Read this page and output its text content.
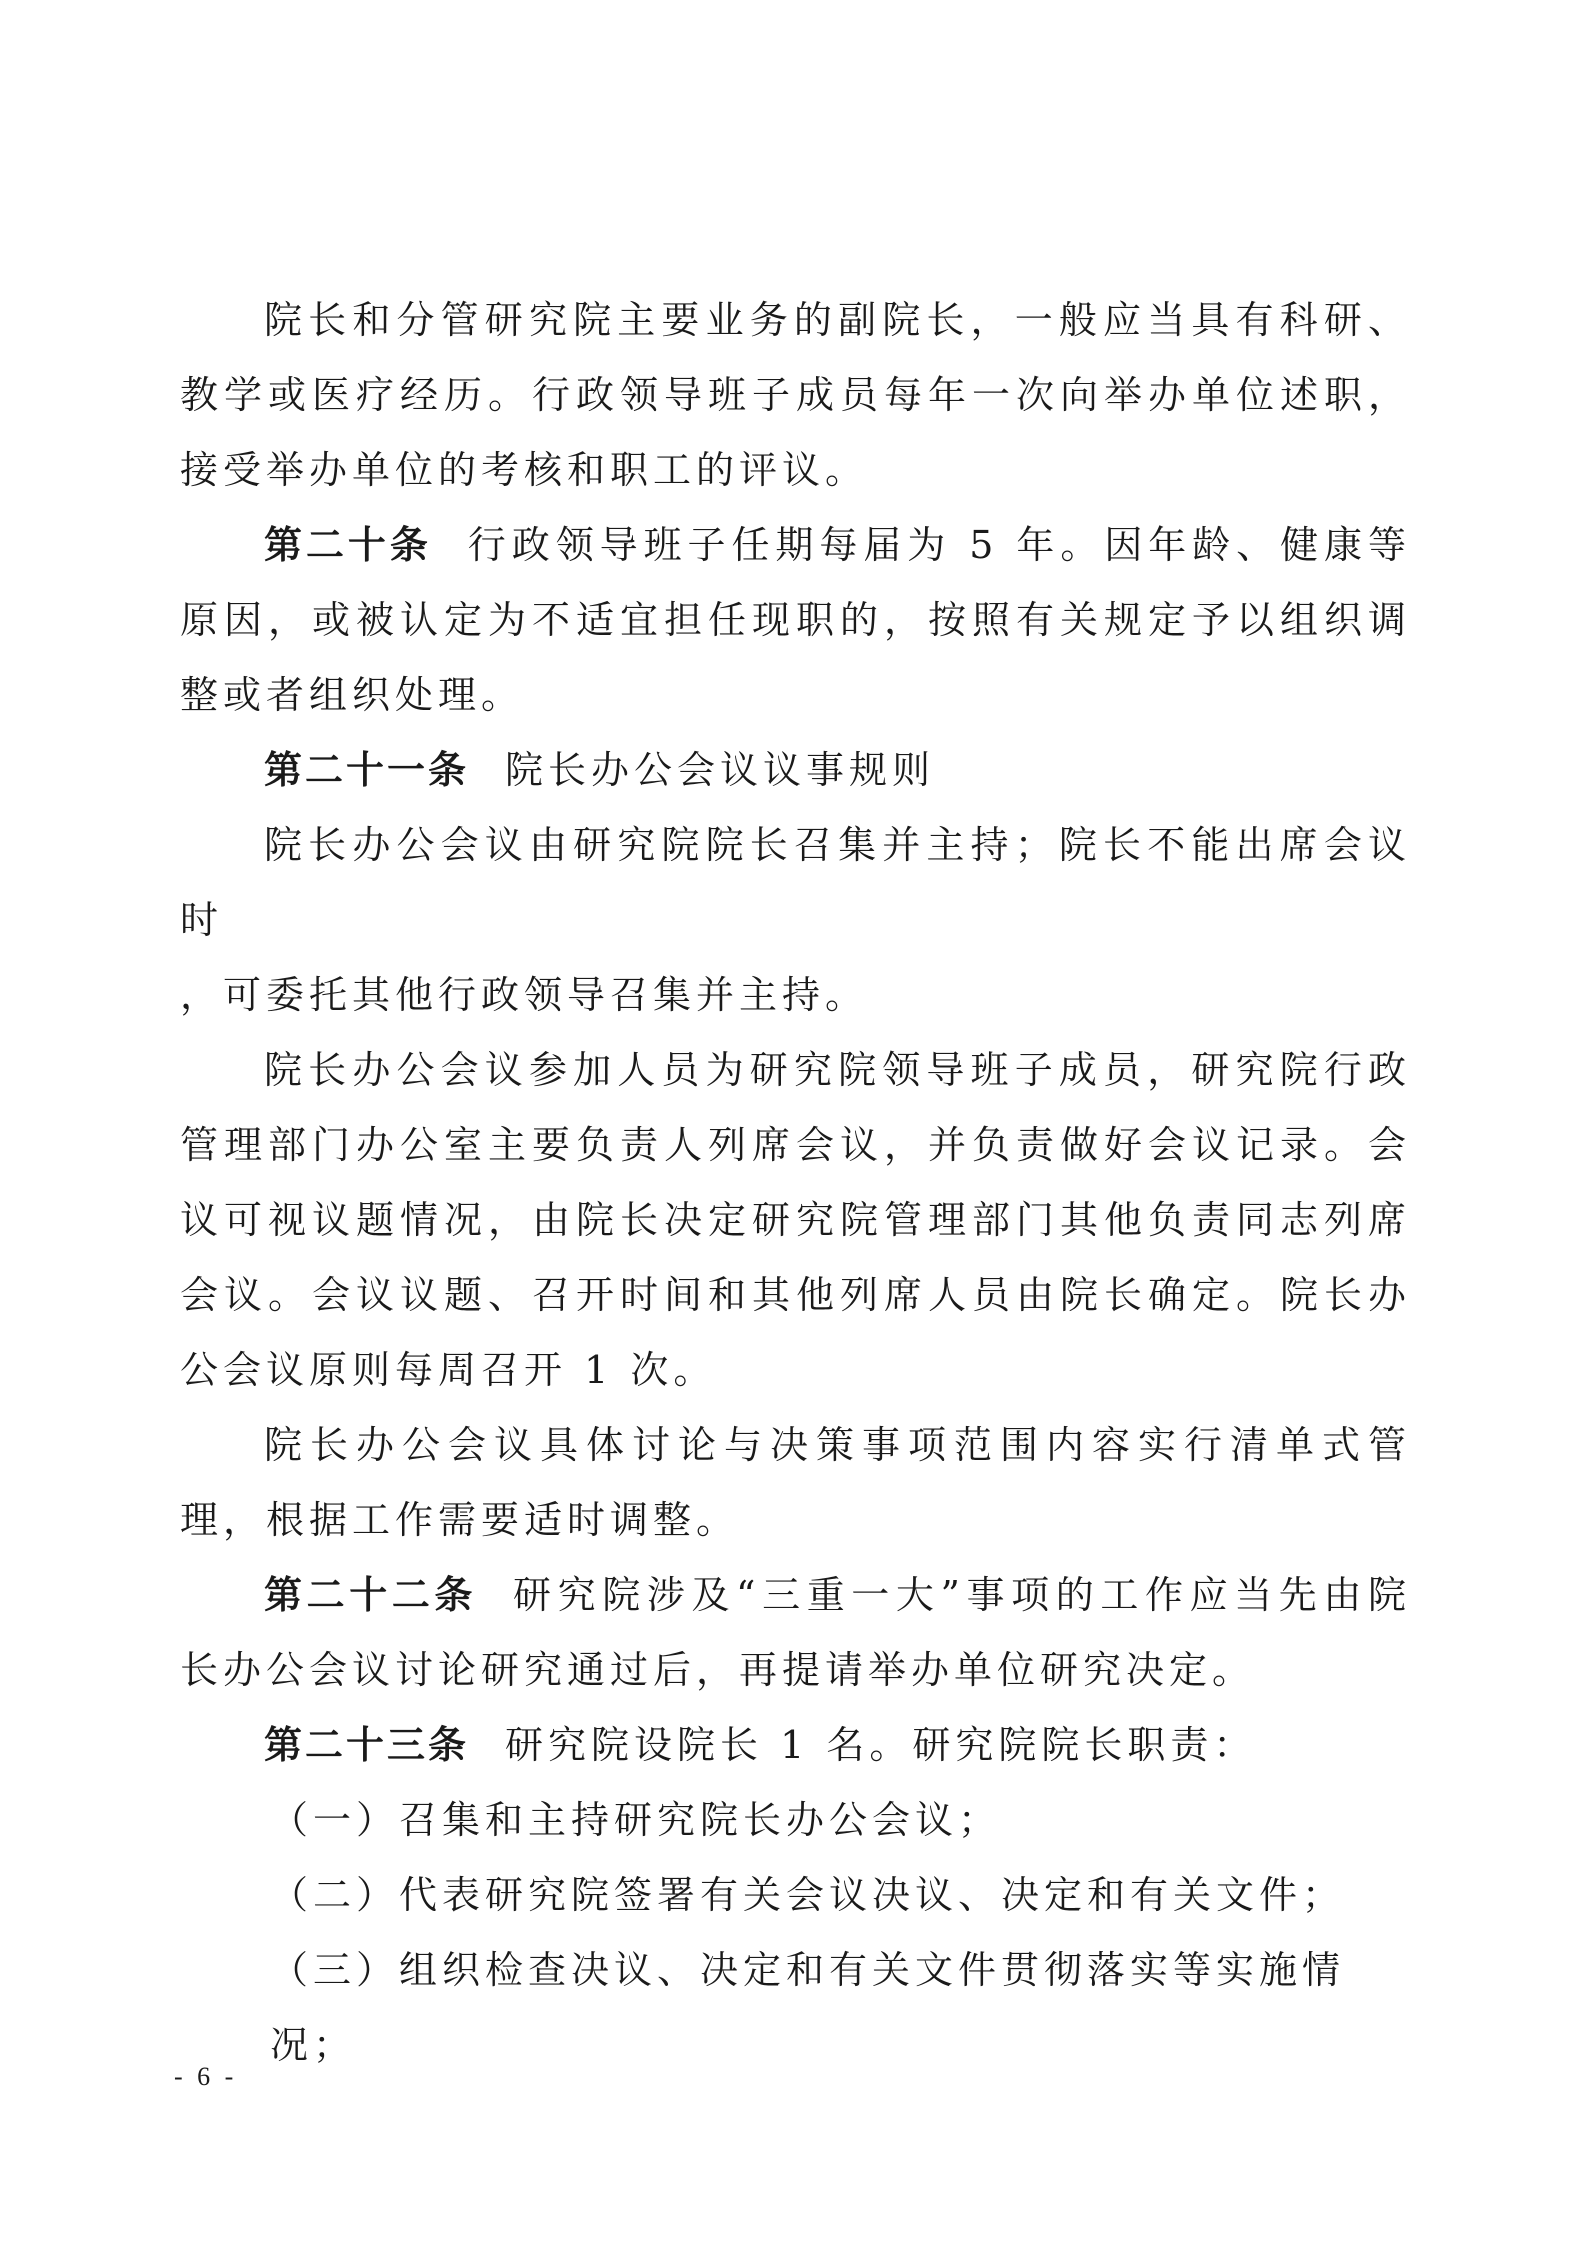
院长和分管研究院主要业务的副院长，一般应当具有科研、教学或医疗经历。行政领导班子成员每年一次向举办单位述职，接受举办单位的考核和职工的评议。

第二十条 行政领导班子任期每届为 5 年。因年龄、健康等原因，或被认定为不适宜担任现职的，按照有关规定予以组织调整或者组织处理。

第二十一条 院长办公会议议事规则

院长办公会议由研究院院长召集并主持；院长不能出席会议时

，可委托其他行政领导召集并主持。

院长办公会议参加人员为研究院领导班子成员，研究院行政管理部门办公室主要负责人列席会议，并负责做好会议记录。会议可视议题情况，由院长决定研究院管理部门其他负责同志列席会议。会议议题、召开时间和其他列席人员由院长确定。院长办公会议原则每周召开 1 次。

院长办公会议具体讨论与决策事项范围内容实行清单式管理，根据工作需要适时调整。

第二十二条 研究院涉及“三重一大”事项的工作应当先由院长办公会议讨论研究通过后，再提请举办单位研究决定。

第二十三条 研究院设院长 1 名。研究院院长职责：

（一）召集和主持研究院长办公会议；

（二）代表研究院签署有关会议决议、决定和有关文件；

（三）组织检查决议、决定和有关文件贯彻落实等实施情况；

- 6 -
